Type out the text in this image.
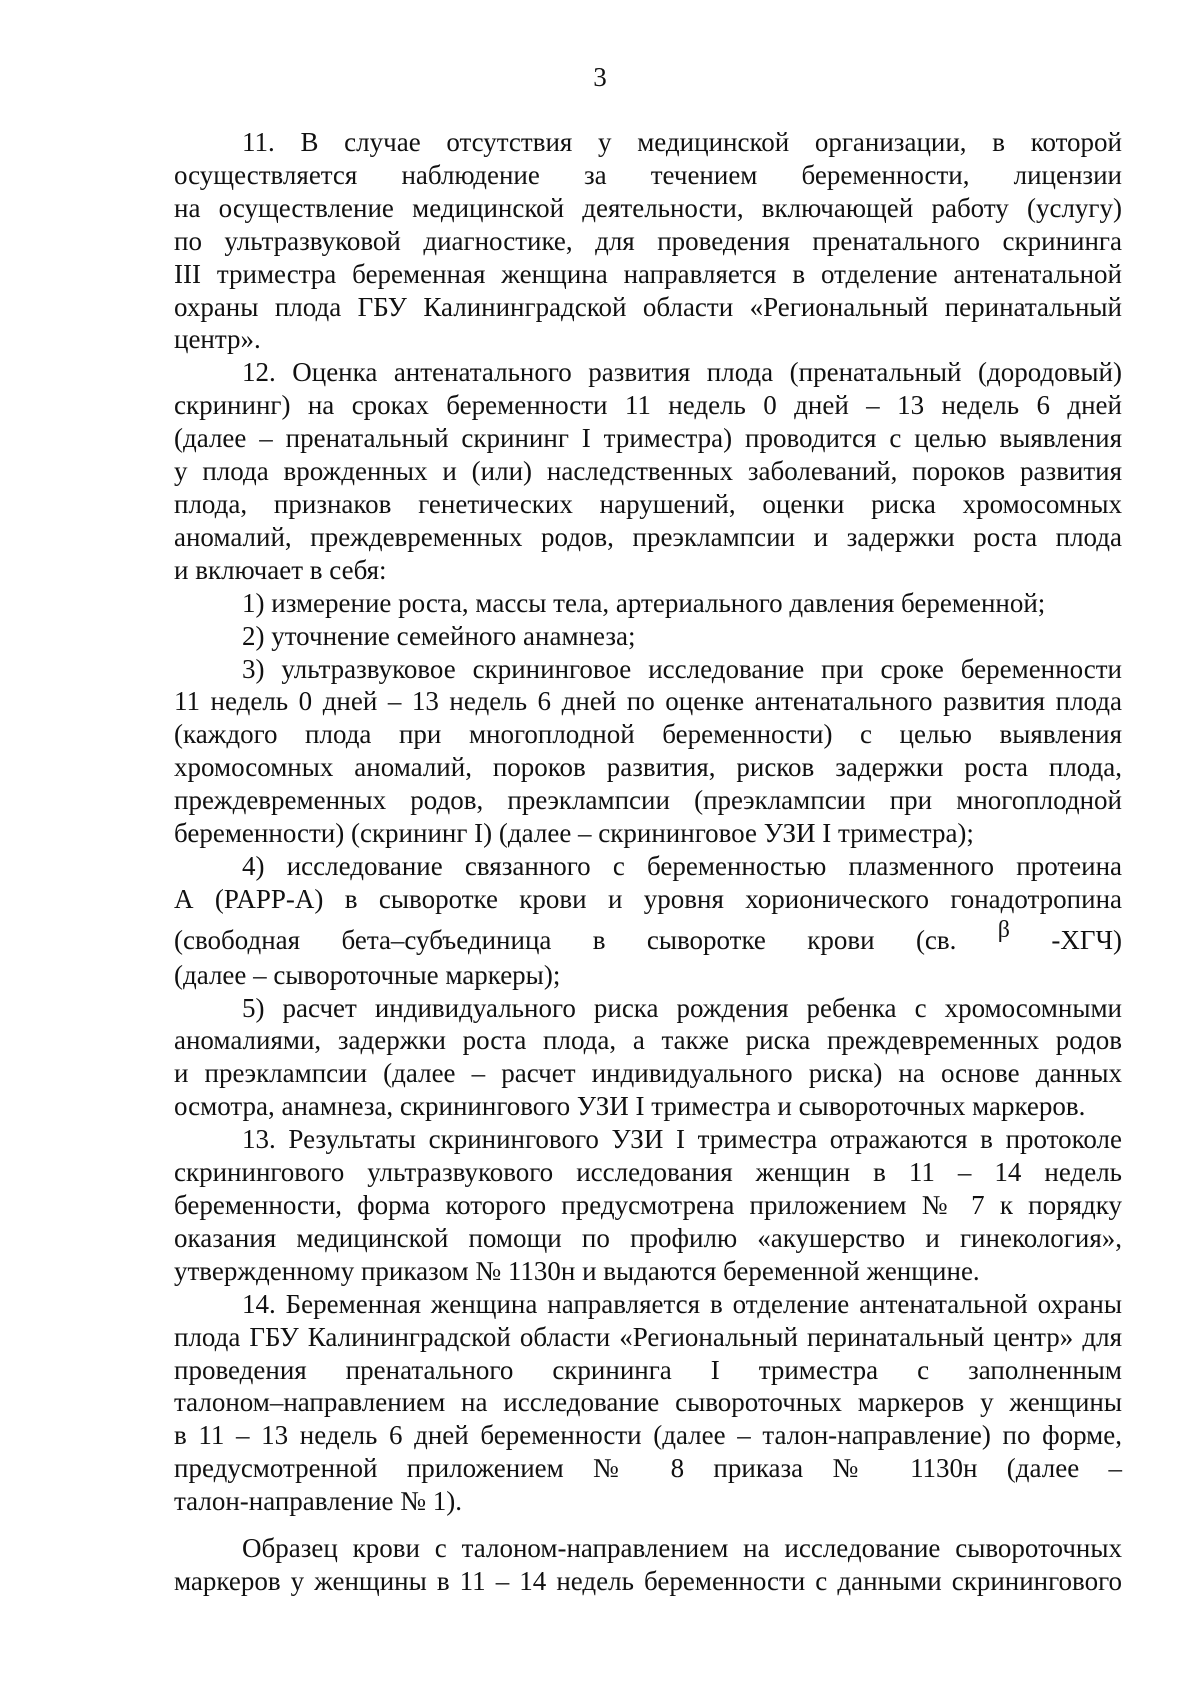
3
11. В случае отсутствия у медицинской организации, в которой
осуществляется наблюдение за течением беременности, лицензии
на осуществление медицинской деятельности, включающей работу (услугу)
по ультразвуковой диагностике, для проведения пренатального скрининга
III триместра беременная женщина направляется в отделение антенатальной
охраны плода ГБУ Калининградской области «Региональный перинатальный
центр».
12. Оценка антенатального развития плода (пренатальный (дородовый)
скрининг) на сроках беременности 11 недель 0 дней – 13 недель 6 дней
(далее – пренатальный скрининг I триместра) проводится с целью выявления
у плода врожденных и (или) наследственных заболеваний, пороков развития
плода, признаков генетических нарушений, оценки риска хромосомных
аномалий, преждевременных родов, преэклампсии и задержки роста плода
и включает в себя:
1) измерение роста, массы тела, артериального давления беременной;
2) уточнение семейного анамнеза;
3) ультразвуковое скрининговое исследование при сроке беременности
11 недель 0 дней – 13 недель 6 дней по оценке антенатального развития плода
(каждого плода при многоплодной беременности) с целью выявления
хромосомных аномалий, пороков развития, рисков задержки роста плода,
преждевременных родов, преэклампсии (преэклампсии при многоплодной
беременности) (скрининг I) (далее – скрининговое УЗИ I триместра);
4) исследование связанного с беременностью плазменного протеина
А (PAPP-A) в сыворотке крови и уровня хорионического гонадотропина
(свободная бета–субъединица в сыворотке крови (св. β -ХГЧ)
(далее – сывороточные маркеры);
5) расчет индивидуального риска рождения ребенка с хромосомными
аномалиями, задержки роста плода, а также риска преждевременных родов
и преэклампсии (далее – расчет индивидуального риска) на основе данных
осмотра, анамнеза, скринингового УЗИ I триместра и сывороточных маркеров.
13. Результаты скринингового УЗИ I триместра отражаются в протоколе
скринингового ультразвукового исследования женщин в 11 – 14 недель
беременности, форма которого предусмотрена приложением № 7 к порядку
оказания медицинской помощи по профилю «акушерство и гинекология»,
утвержденному приказом № 1130н и выдаются беременной женщине.
14. Беременная женщина направляется в отделение антенатальной охраны
плода ГБУ Калининградской области «Региональный перинатальный центр» для
проведения пренатального скрининга I триместра с заполненным
талоном–направлением на исследование сывороточных маркеров у женщины
в 11 – 13 недель 6 дней беременности (далее – талон-направление) по форме,
предусмотренной приложением № 8 приказа № 1130н (далее –
талон-направление № 1).
Образец крови с талоном-направлением на исследование сывороточных
маркеров у женщины в 11 – 14 недель беременности с данными скринингового
